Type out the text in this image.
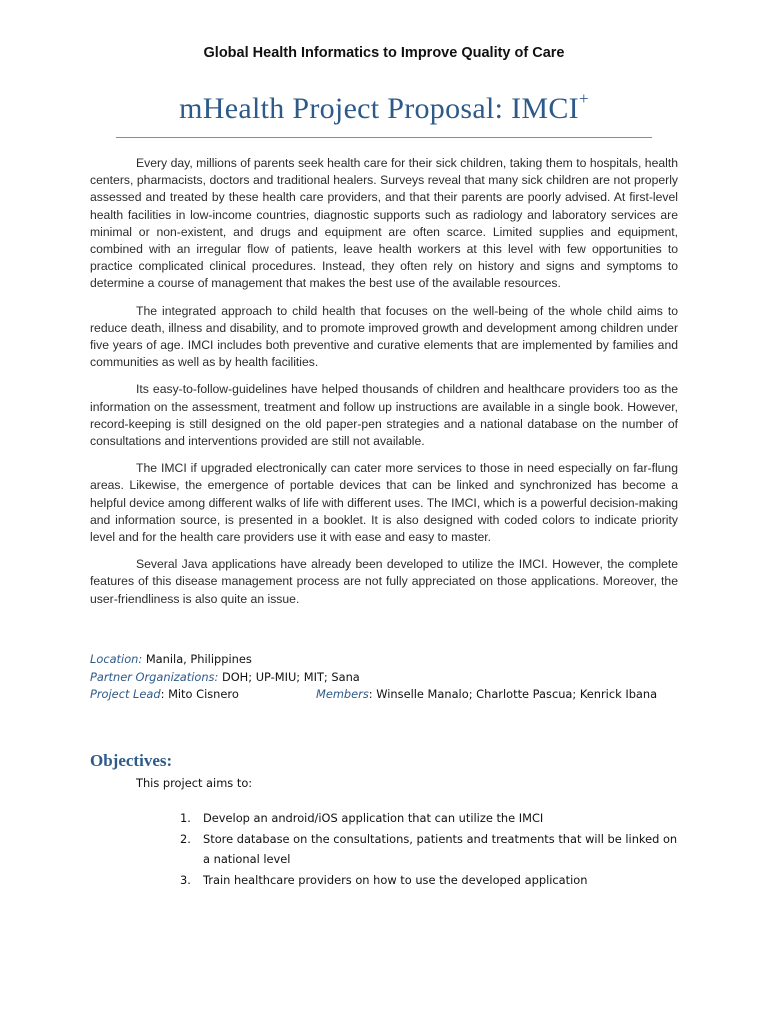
Global Health Informatics to Improve Quality of Care
mHealth Project Proposal: IMCI+

Every day, millions of parents seek health care for their sick children, taking them to hospitals, health centers, pharmacists, doctors and traditional healers. Surveys reveal that many sick children are not properly assessed and treated by these health care providers, and that their parents are poorly advised. At first-level health facilities in low-income countries, diagnostic supports such as radiology and laboratory services are minimal or non-existent, and drugs and equipment are often scarce. Limited supplies and equipment, combined with an irregular flow of patients, leave health workers at this level with few opportunities to practice complicated clinical procedures. Instead, they often rely on history and signs and symptoms to determine a course of management that makes the best use of the available resources.

The integrated approach to child health that focuses on the well-being of the whole child aims to reduce death, illness and disability, and to promote improved growth and development among children under five years of age. IMCI includes both preventive and curative elements that are implemented by families and communities as well as by health facilities.

Its easy-to-follow-guidelines have helped thousands of children and healthcare providers too as the information on the assessment, treatment and follow up instructions are available in a single book. However, record-keeping is still designed on the old paper-pen strategies and a national database on the number of consultations and interventions provided are still not available.

The IMCI if upgraded electronically can cater more services to those in need especially on far-flung areas. Likewise, the emergence of portable devices that can be linked and synchronized has become a helpful device among different walks of life with different uses. The IMCI, which is a powerful decision-making and information source, is presented in a booklet. It is also designed with coded colors to indicate priority level and for the health care providers use it with ease and easy to master.

Several Java applications have already been developed to utilize the IMCI. However, the complete features of this disease management process are not fully appreciated on those applications. Moreover, the user-friendliness is also quite an issue.

Location: Manila, Philippines
Partner Organizations: DOH; UP-MIU; MIT; Sana
Project Lead: Mito Cisnero	Members: Winselle Manalo; Charlotte Pascua; Kenrick Ibana
Objectives:
This project aims to:
1. Develop an android/iOS application that can utilize the IMCI
2. Store database on the consultations, patients and treatments that will be linked on a national level
3. Train healthcare providers on how to use the developed application
